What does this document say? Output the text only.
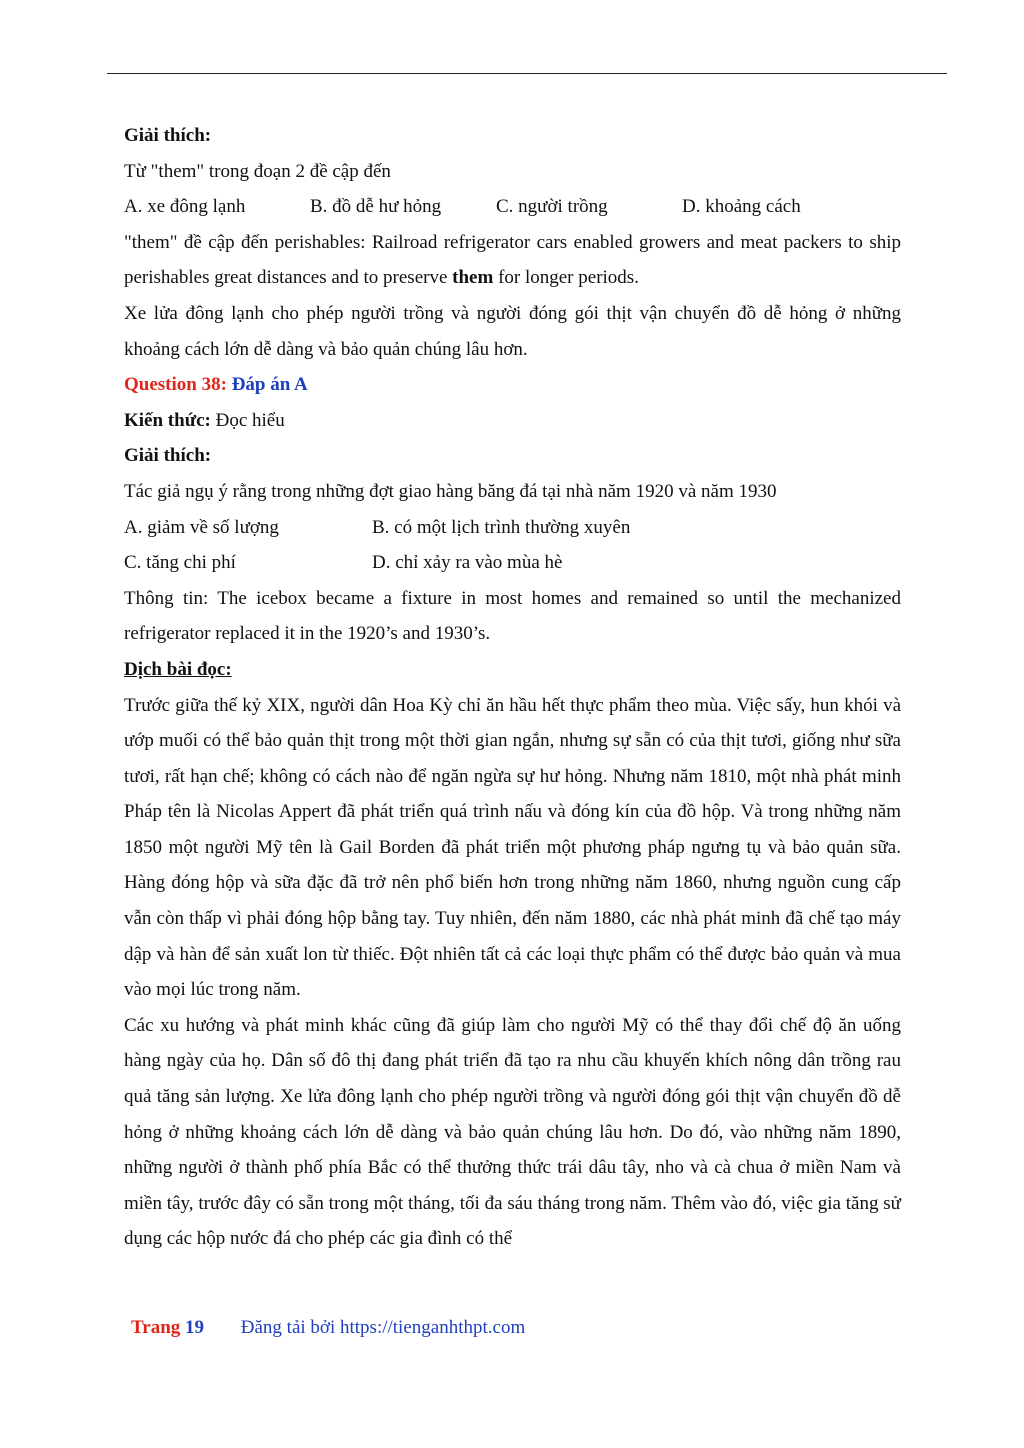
Giải thích:

Từ "them" trong đoạn 2 đề cập đến

A. xe đông lạnh	B. đồ dễ hư hỏng	C. người trồng	D. khoảng cách

"them" đề cập đến perishables: Railroad refrigerator cars enabled growers and meat packers to ship perishables great distances and to preserve them for longer periods.

Xe lửa đông lạnh cho phép người trồng và người đóng gói thịt vận chuyển đồ dễ hỏng ở những khoảng cách lớn dễ dàng và bảo quản chúng lâu hơn.

Question 38: Đáp án A

Kiến thức: Đọc hiểu

Giải thích:

Tác giả ngụ ý rằng trong những đợt giao hàng băng đá tại nhà năm 1920 và năm 1930

A. giảm về số lượng	B. có một lịch trình thường xuyên
C. tăng chi phí	D. chỉ xảy ra vào mùa hè

Thông tin: The icebox became a fixture in most homes and remained so until the mechanized refrigerator replaced it in the 1920’s and 1930’s.

Dịch bài đọc:

Trước giữa thế kỷ XIX, người dân Hoa Kỳ chỉ ăn hầu hết thực phẩm theo mùa. Việc sấy, hun khói và ướp muối có thể bảo quản thịt trong một thời gian ngắn, nhưng sự sẵn có của thịt tươi, giống như sữa tươi, rất hạn chế; không có cách nào để ngăn ngừa sự hư hỏng. Nhưng năm 1810, một nhà phát minh Pháp tên là Nicolas Appert đã phát triển quá trình nấu và đóng kín của đồ hộp. Và trong những năm 1850 một người Mỹ tên là Gail Borden đã phát triển một phương pháp ngưng tụ và bảo quản sữa. Hàng đóng hộp và sữa đặc đã trở nên phổ biến hơn trong những năm 1860, nhưng nguồn cung cấp vẫn còn thấp vì phải đóng hộp bằng tay. Tuy nhiên, đến năm 1880, các nhà phát minh đã chế tạo máy dập và hàn để sản xuất lon từ thiếc. Đột nhiên tất cả các loại thực phẩm có thể được bảo quản và mua vào mọi lúc trong năm.

Các xu hướng và phát minh khác cũng đã giúp làm cho người Mỹ có thể thay đổi chế độ ăn uống hàng ngày của họ. Dân số đô thị đang phát triển đã tạo ra nhu cầu khuyến khích nông dân trồng rau quả tăng sản lượng. Xe lửa đông lạnh cho phép người trồng và người đóng gói thịt vận chuyển đồ dễ hỏng ở những khoảng cách lớn dễ dàng và bảo quản chúng lâu hơn. Do đó, vào những năm 1890, những người ở thành phố phía Bắc có thể thưởng thức trái dâu tây, nho và cà chua ở miền Nam và miền tây, trước đây có sẵn trong một tháng, tối đa sáu tháng trong năm. Thêm vào đó, việc gia tăng sử dụng các hộp nước đá cho phép các gia đình có thể

Trang 19 Đăng tải bởi https://tienganhthpt.com
